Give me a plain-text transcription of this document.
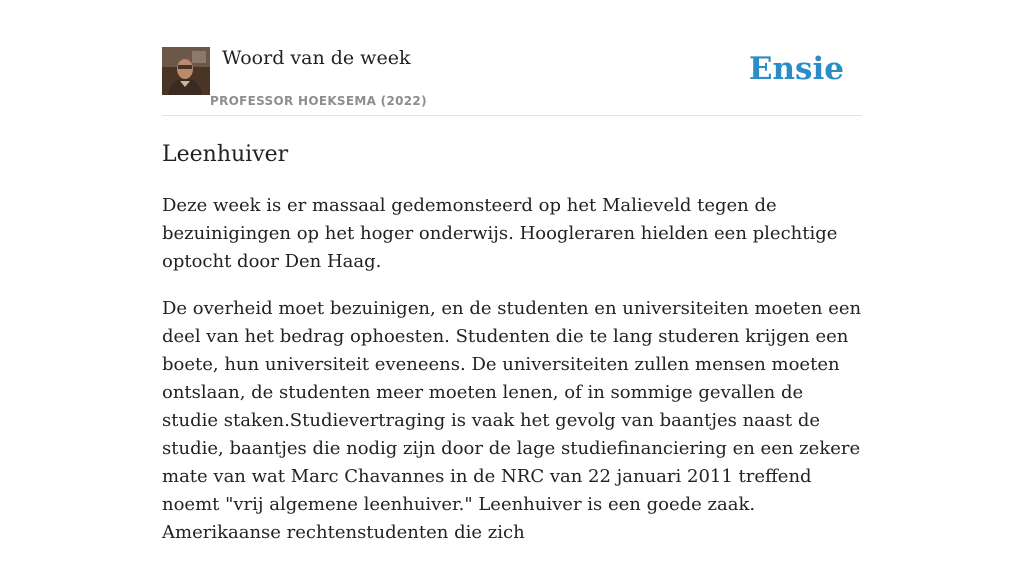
Woord van de week
PROFESSOR HOEKSEMA (2022)
Ensie
Leenhuiver

Deze week is er massaal gedemonsteerd op het Malieveld tegen de bezuinigingen op het hoger onderwijs. Hoogleraren hielden een plechtige optocht door Den Haag.

De overheid moet bezuinigen, en de studenten en universiteiten moeten een deel van het bedrag ophoesten. Studenten die te lang studeren krijgen een boete, hun universiteit eveneens. De universiteiten zullen mensen moeten ontslaan, de studenten meer moeten lenen, of in sommige gevallen de studie staken.Studievertraging is vaak het gevolg van baantjes naast de studie, baantjes die nodig zijn door de lage studiefinanciering en een zekere mate van wat Marc Chavannes in de NRC van 22 januari 2011 treffend noemt "vrij algemene leenhuiver." Leenhuiver is een goede zaak. Amerikaanse rechtenstudenten die zich
